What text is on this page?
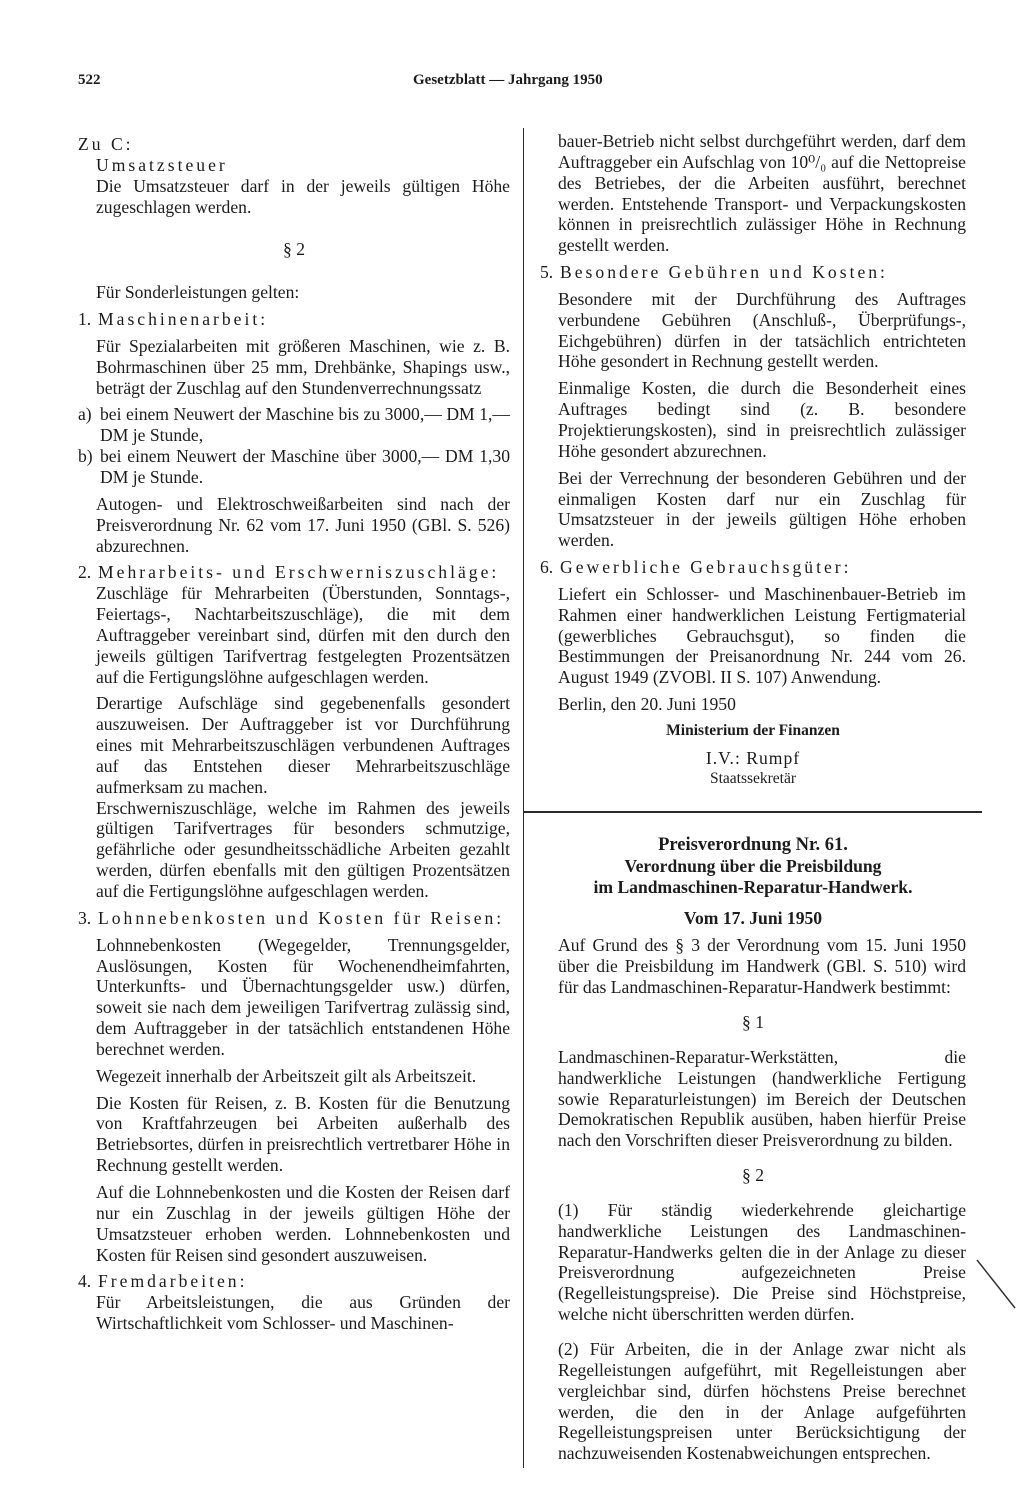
522	Gesetzblatt — Jahrgang 1950

Zu C:

Umsatzsteuer

Die Umsatzsteuer darf in der jeweils gültigen Höhe zugeschlagen werden.

§ 2

Für Sonderleistungen gelten:

1. Maschinenarbeit:

Für Spezialarbeiten mit größeren Maschinen, wie z. B. Bohrmaschinen über 25 mm, Drehbänke, Shapings usw., beträgt der Zuschlag auf den Stundenverrechnungssatz

a) bei einem Neuwert der Maschine bis zu 3000,— DM 1,— DM je Stunde,
b) bei einem Neuwert der Maschine über 3000,— DM 1,30 DM je Stunde.

Autogen- und Elektroschweißarbeiten sind nach der Preisverordnung Nr. 62 vom 17. Juni 1950 (GBl. S. 526) abzurechnen.

2. Mehrarbeits- und Erschwerniszuschläge:

Zuschläge für Mehrarbeiten (Überstunden, Sonntags-, Feiertags-, Nachtarbeitszuschläge), die mit dem Auftraggeber vereinbart sind, dürfen mit den durch den jeweils gültigen Tarifvertrag festgelegten Prozentsätzen auf die Fertigungslöhne aufgeschlagen werden.

Derartige Aufschläge sind gegebenenfalls gesondert auszuweisen. Der Auftraggeber ist vor Durchführung eines mit Mehrarbeitszuschlägen verbundenen Auftrages auf das Entstehen dieser Mehrarbeitszuschläge aufmerksam zu machen.

Erschwerniszuschläge, welche im Rahmen des jeweils gültigen Tarifvertrages für besonders schmutzige, gefährliche oder gesundheitsschädliche Arbeiten gezahlt werden, dürfen ebenfalls mit den gültigen Prozentsätzen auf die Fertigungslöhne aufgeschlagen werden.

3. Lohnnebenkosten und Kosten für Reisen:

Lohnnebenkosten (Wegegelder, Trennungsgelder, Auslösungen, Kosten für Wochenendheimfahrten, Unterkunfts- und Übernachtungsgelder usw.) dürfen, soweit sie nach dem jeweiligen Tarifvertrag zulässig sind, dem Auftraggeber in der tatsächlich entstandenen Höhe berechnet werden.

Wegezeit innerhalb der Arbeitszeit gilt als Arbeitszeit.

Die Kosten für Reisen, z. B. Kosten für die Benutzung von Kraftfahrzeugen bei Arbeiten außerhalb des Betriebsortes, dürfen in preisrechtlich vertretbarer Höhe in Rechnung gestellt werden.

Auf die Lohnnebenkosten und die Kosten der Reisen darf nur ein Zuschlag in der jeweils gültigen Höhe der Umsatzsteuer erhoben werden. Lohnnebenkosten und Kosten für Reisen sind gesondert auszuweisen.

4. Fremdarbeiten:

Für Arbeitsleistungen, die aus Gründen der Wirtschaftlichkeit vom Schlosser- und Maschinen-

bauer-Betrieb nicht selbst durchgeführt werden, darf dem Auftraggeber ein Aufschlag von 10⁰/₀ auf die Nettopreise des Betriebes, der die Arbeiten ausführt, berechnet werden. Entstehende Transport- und Verpackungskosten können in preisrechtlich zulässiger Höhe in Rechnung gestellt werden.

5. Besondere Gebühren und Kosten:

Besondere mit der Durchführung des Auftrages verbundene Gebühren (Anschluß-, Überprüfungs-, Eichgebühren) dürfen in der tatsächlich entrichteten Höhe gesondert in Rechnung gestellt werden.

Einmalige Kosten, die durch die Besonderheit eines Auftrages bedingt sind (z. B. besondere Projektierungskosten), sind in preisrechtlich zulässiger Höhe gesondert abzurechnen.

Bei der Verrechnung der besonderen Gebühren und der einmaligen Kosten darf nur ein Zuschlag für Umsatzsteuer in der jeweils gültigen Höhe erhoben werden.

6. Gewerbliche Gebrauchsgüter:

Liefert ein Schlosser- und Maschinenbauer-Betrieb im Rahmen einer handwerklichen Leistung Fertigmaterial (gewerbliches Gebrauchsgut), so finden die Bestimmungen der Preisanordnung Nr. 244 vom 26. August 1949 (ZVOBl. II S. 107) Anwendung.

Berlin, den 20. Juni 1950

Ministerium der Finanzen

I.V.: Rumpf

Staatssekretär

Preisverordnung Nr. 61.

Verordnung über die Preisbildung

im Landmaschinen-Reparatur-Handwerk.

Vom 17. Juni 1950

Auf Grund des § 3 der Verordnung vom 15. Juni 1950 über die Preisbildung im Handwerk (GBl. S. 510) wird für das Landmaschinen-Reparatur-Handwerk bestimmt:

§ 1

Landmaschinen-Reparatur-Werkstätten, die handwerkliche Leistungen (handwerkliche Fertigung sowie Reparaturleistungen) im Bereich der Deutschen Demokratischen Republik ausüben, haben hierfür Preise nach den Vorschriften dieser Preisverordnung zu bilden.

§ 2

(1) Für ständig wiederkehrende gleichartige handwerkliche Leistungen des Landmaschinen-Reparatur-Handwerks gelten die in der Anlage zu dieser Preisverordnung aufgezeichneten Preise (Regelleistungspreise). Die Preise sind Höchstpreise, welche nicht überschritten werden dürfen.

(2) Für Arbeiten, die in der Anlage zwar nicht als Regelleistungen aufgeführt, mit Regelleistungen aber vergleichbar sind, dürfen höchstens Preise berechnet werden, die den in der Anlage aufgeführten Regelleistungspreisen unter Berücksichtigung der nachzuweisenden Kostenabweichungen entsprechen.
